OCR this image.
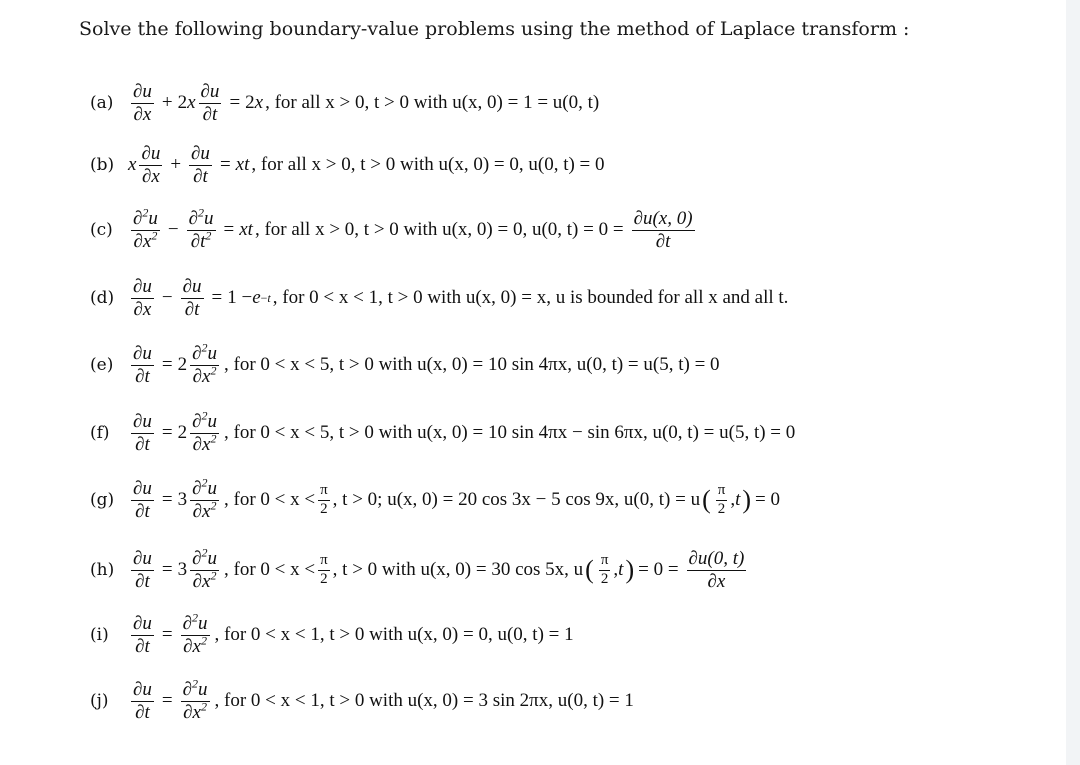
Solve the following boundary-value problems using the method of Laplace transform :
$(a) \frac{\partial u}{\partial x} + 2$ x $\frac{\partial u}{\partial t} = 2$ x , for all x > 0, t > 0 with u(x, 0) = 1 = u(0, t)
(b) x $\frac{\partial u}{\partial x} + \frac{\partial u}{\partial t}$ = xt , for all x > 0, t > 0 with u(x, 0) = 0, u(0, t) = 0
$(c) \frac{\partial^2u}{\partial x^2} - \frac{\partial^2u}{\partial t^2}$ = xt , for all x > 0, t > 0 with u(x, 0) = 0, u(0, $t) = 0 = \frac{\partial u(x, 0)}{\partial t}$
$(d) \frac{\partial u}{\partial x} - \frac{\partial u}{\partial t} = 1 - e -t$ , for 0 < x < 1, t > 0 with u(x, 0) = x, u is bounded for all x and all t.
$(e) \frac{\partial u}{\partial t} = 2 \frac{\partial^2u}{\partial x^2}$ , for 0 < x < 5, t > 0 with u(x, 0) = 10 sin 4πx, u(0, t) = u(5, t) = 0
(f)	$\frac{\partial u}{\partial t} = 2 \frac{\partial^2u}{\partial x^2}$ , for 0 < x < 5, t > 0 with u(x, 0) = 10 sin 4πx − sin 6πx, u(0, t) = u(5, t) = 0
$(g) \frac{\partial u}{\partial t} = 3 \frac{\partial^2u}{\partial x^2}$ , for $0 < x < \frac{\pi}{2}$ , t > 0; u(x, 0) = 20 cos 3x − 5 cos 9x, u(0, t) = u ( $\frac{\pi}{2}$ , t ) = 0
$(h) \frac{\partial u}{\partial t} = 3 \frac{\partial^2u}{\partial x^2}$ , for $0 < x < \frac{\pi}{2}$ , t > 0 with u(x, 0) = 30 cos 5x, u ( $\frac{\pi}{2}$ , t ) = $0 = \frac{\partial u(0, t)}{\partial x}$
(i)	$\frac{\partial u}{\partial t} = \frac{\partial^2u}{\partial x^2}$ , for 0 < x < 1, t > 0 with u(x, 0) = 0, u(0, t) = 1
(j)	$\frac{\partial u}{\partial t} = \frac{\partial^2u}{\partial x^2}$ , for 0 < x < 1, t > 0 with u(x, 0) = 3 sin 2πx, u(0, t) = 1
